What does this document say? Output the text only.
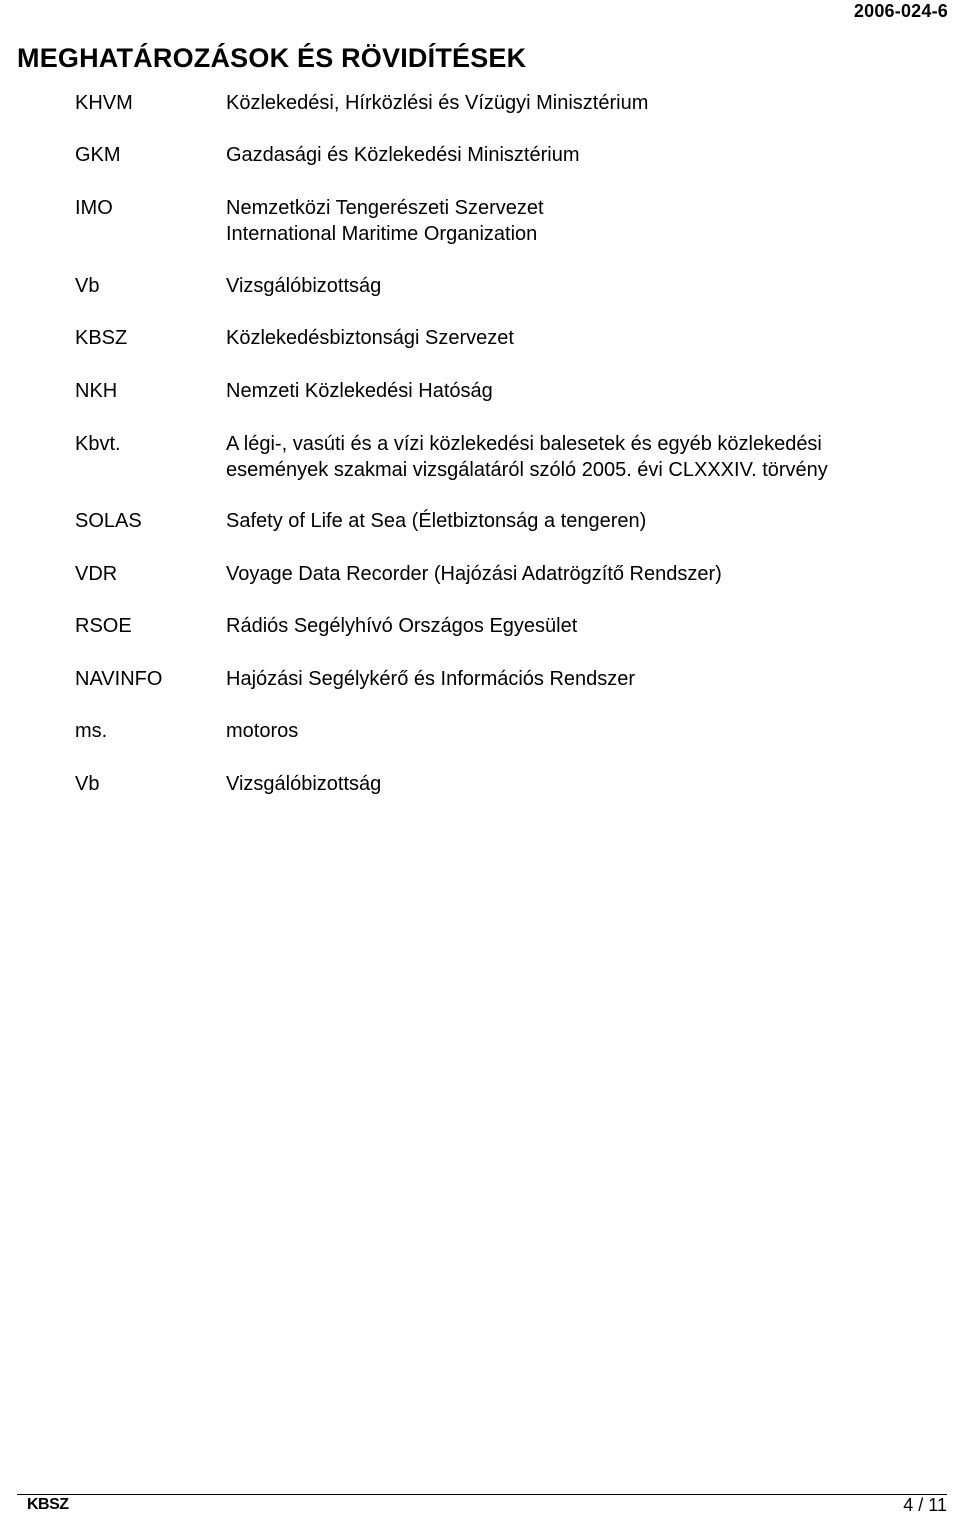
2006-024-6
MEGHATÁROZÁSOK ÉS RÖVIDÍTÉSEK
KHVM	Közlekedési, Hírközlési és Vízügyi Minisztérium
GKM	Gazdasági és Közlekedési Minisztérium
IMO	Nemzetközi Tengerészeti Szervezet
International Maritime Organization
Vb	Vizsgálóbizottság
KBSZ	Közlekedésbiztonsági Szervezet
NKH	Nemzeti Közlekedési Hatóság
Kbvt.	A légi-, vasúti és a vízi közlekedési balesetek és egyéb közlekedési
események szakmai vizsgálatáról szóló 2005. évi CLXXXIV. törvény
SOLAS	Safety of Life at Sea (Életbiztonság a tengeren)
VDR	Voyage Data Recorder (Hajózási Adatrögzítő Rendszer)
RSOE	Rádiós Segélyhívó Országos Egyesület
NAVINFO	Hajózási Segélykérő és Információs Rendszer
ms.	motoros
Vb	Vizsgálóbizottság
KBSZ	4 / 11
